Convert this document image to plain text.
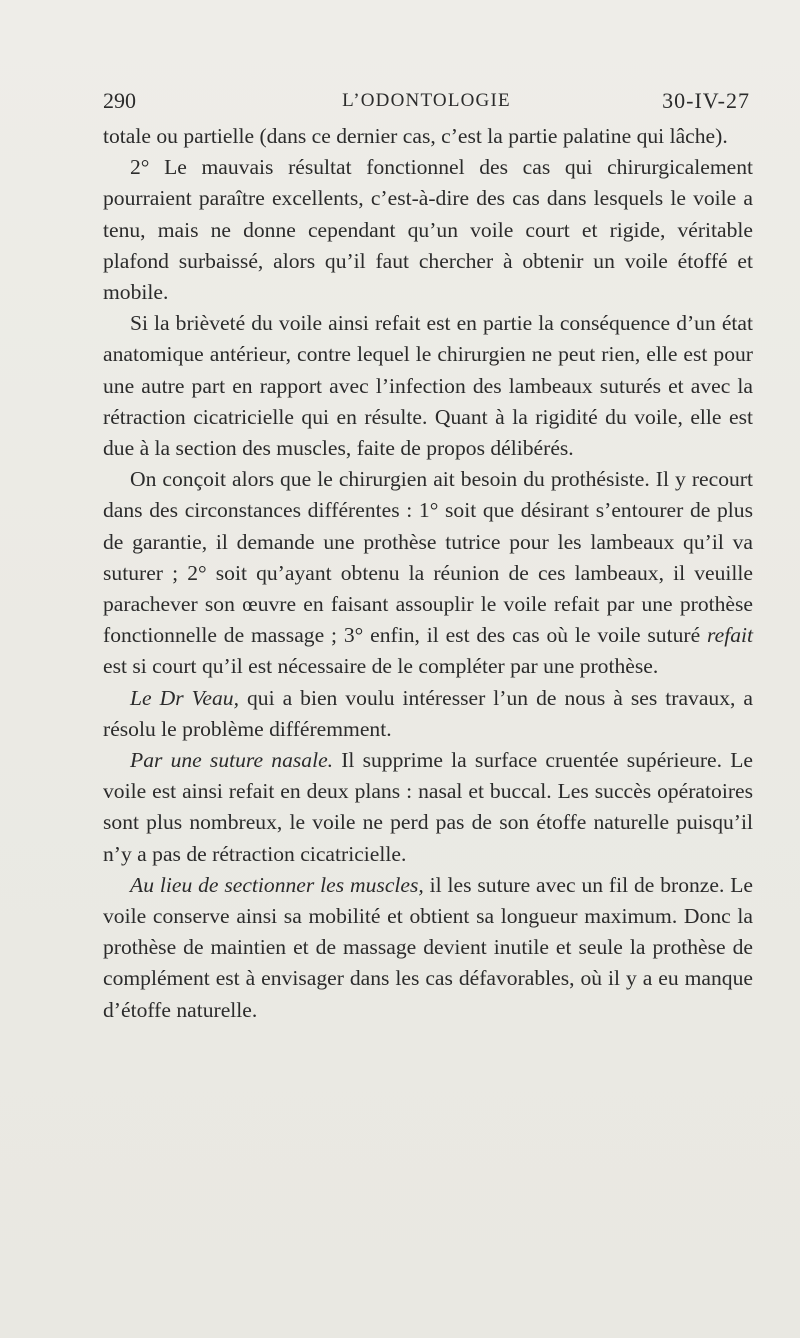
290	L’ODONTOLOGIE	30-IV-27

totale ou partielle (dans ce dernier cas, c’est la partie palatine qui lâche).

2° Le mauvais résultat fonctionnel des cas qui chirurgicalement pourraient paraître excellents, c’est-à-dire des cas dans lesquels le voile a tenu, mais ne donne cependant qu’un voile court et rigide, véritable plafond surbaissé, alors qu’il faut chercher à obtenir un voile étoffé et mobile.

Si la brièveté du voile ainsi refait est en partie la conséquence d’un état anatomique antérieur, contre lequel le chirurgien ne peut rien, elle est pour une autre part en rapport avec l’infection des lambeaux suturés et avec la rétraction cicatricielle qui en résulte. Quant à la rigidité du voile, elle est due à la section des muscles, faite de propos délibérés.

On conçoit alors que le chirurgien ait besoin du prothésiste. Il y recourt dans des circonstances différentes : 1° soit que désirant s’entourer de plus de garantie, il demande une prothèse tutrice pour les lambeaux qu’il va suturer ; 2° soit qu’ayant obtenu la réunion de ces lambeaux, il veuille parachever son œuvre en faisant assouplir le voile refait par une prothèse fonctionnelle de massage ; 3° enfin, il est des cas où le voile suturé refait est si court qu’il est nécessaire de le compléter par une prothèse.

Le Dr Veau, qui a bien voulu intéresser l’un de nous à ses travaux, a résolu le problème différemment.

Par une suture nasale. Il supprime la surface cruentée supérieure. Le voile est ainsi refait en deux plans : nasal et buccal. Les succès opératoires sont plus nombreux, le voile ne perd pas de son étoffe naturelle puisqu’il n’y a pas de rétraction cicatricielle.

Au lieu de sectionner les muscles, il les suture avec un fil de bronze. Le voile conserve ainsi sa mobilité et obtient sa longueur maximum. Donc la prothèse de maintien et de massage devient inutile et seule la prothèse de complément est à envisager dans les cas défavorables, où il y a eu manque d’étoffe naturelle.
